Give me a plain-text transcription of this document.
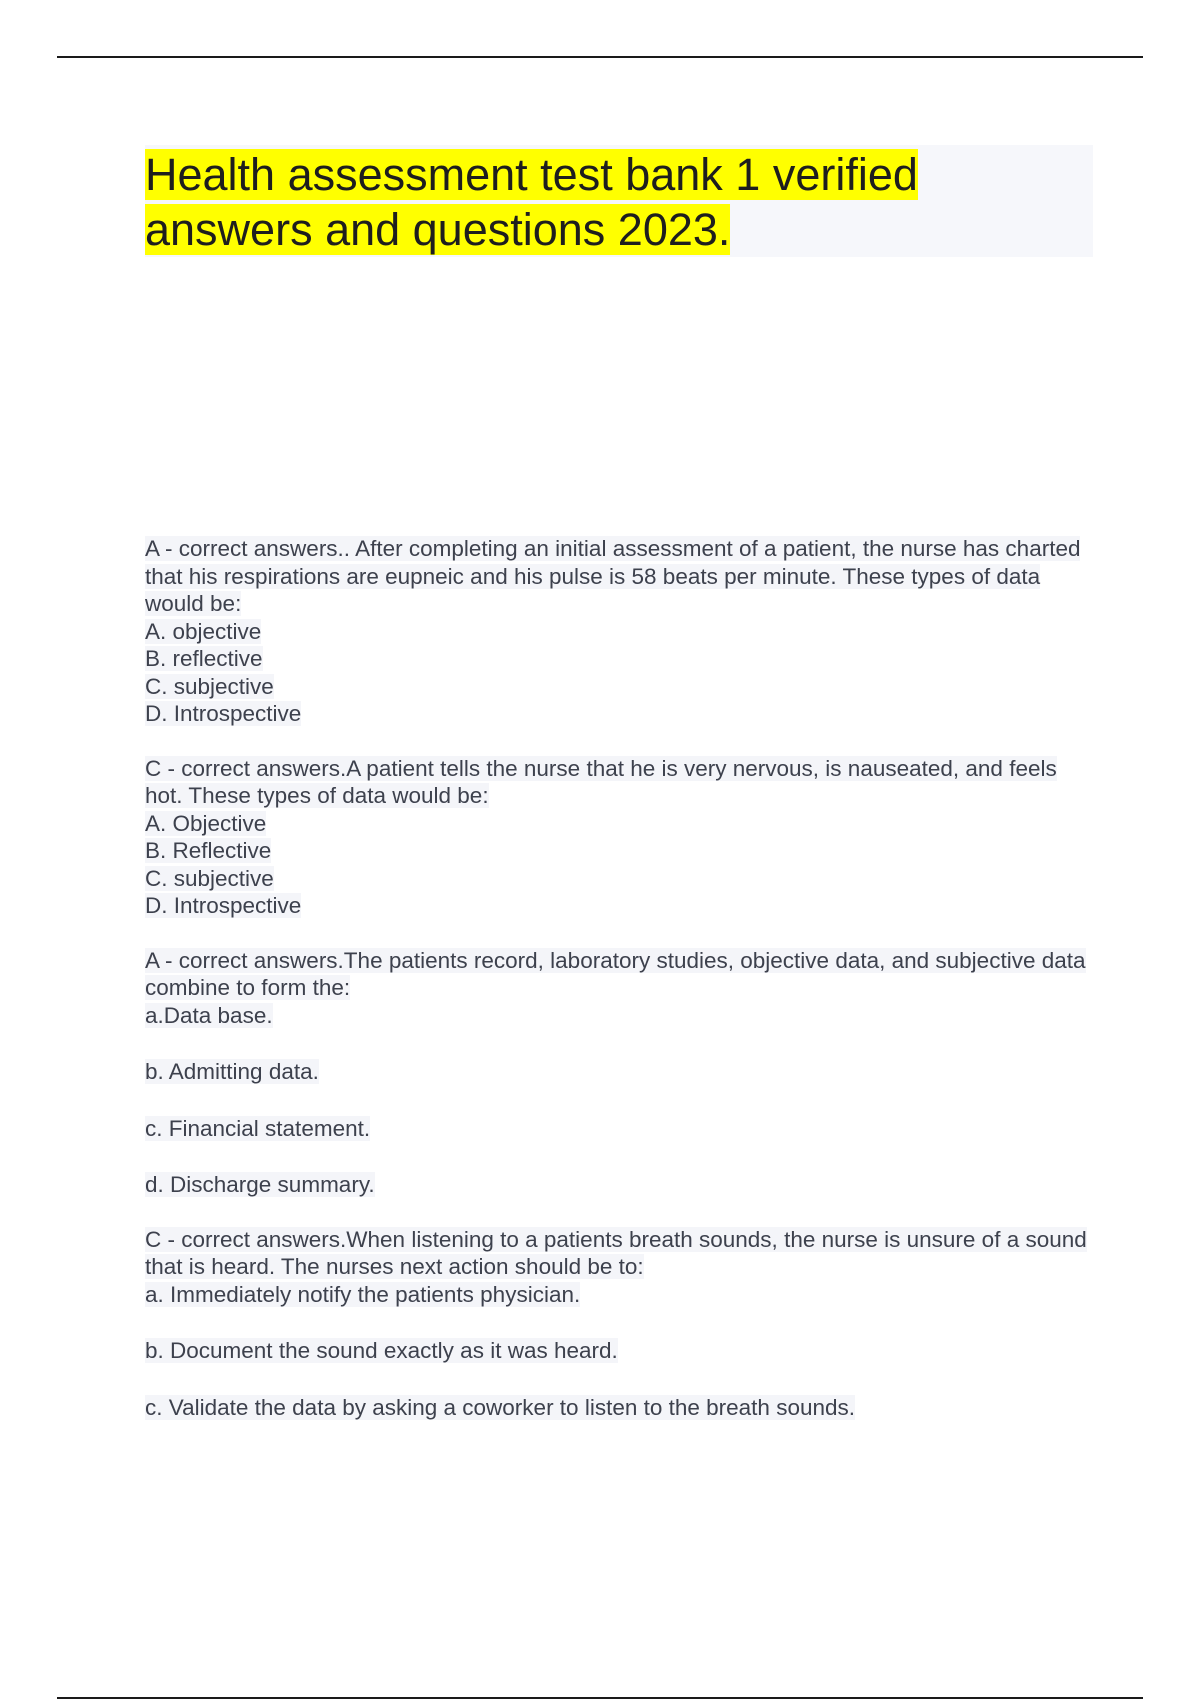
Health assessment test bank 1 verified answers and questions 2023.
A - correct answers.. After completing an initial assessment of a patient, the nurse has charted that his respirations are eupneic and his pulse is 58 beats per minute. These types of data would be:
A. objective
B. reflective
C. subjective
D. Introspective
C - correct answers.A patient tells the nurse that he is very nervous, is nauseated, and feels hot. These types of data would be:
A. Objective
B. Reflective
C. subjective
D. Introspective
A - correct answers.The patients record, laboratory studies, objective data, and subjective data combine to form the:
a.Data base.
b. Admitting data.
c. Financial statement.
d. Discharge summary.
C - correct answers.When listening to a patients breath sounds, the nurse is unsure of a sound that is heard. The nurses next action should be to:
a. Immediately notify the patients physician.
b. Document the sound exactly as it was heard.
c. Validate the data by asking a coworker to listen to the breath sounds.
